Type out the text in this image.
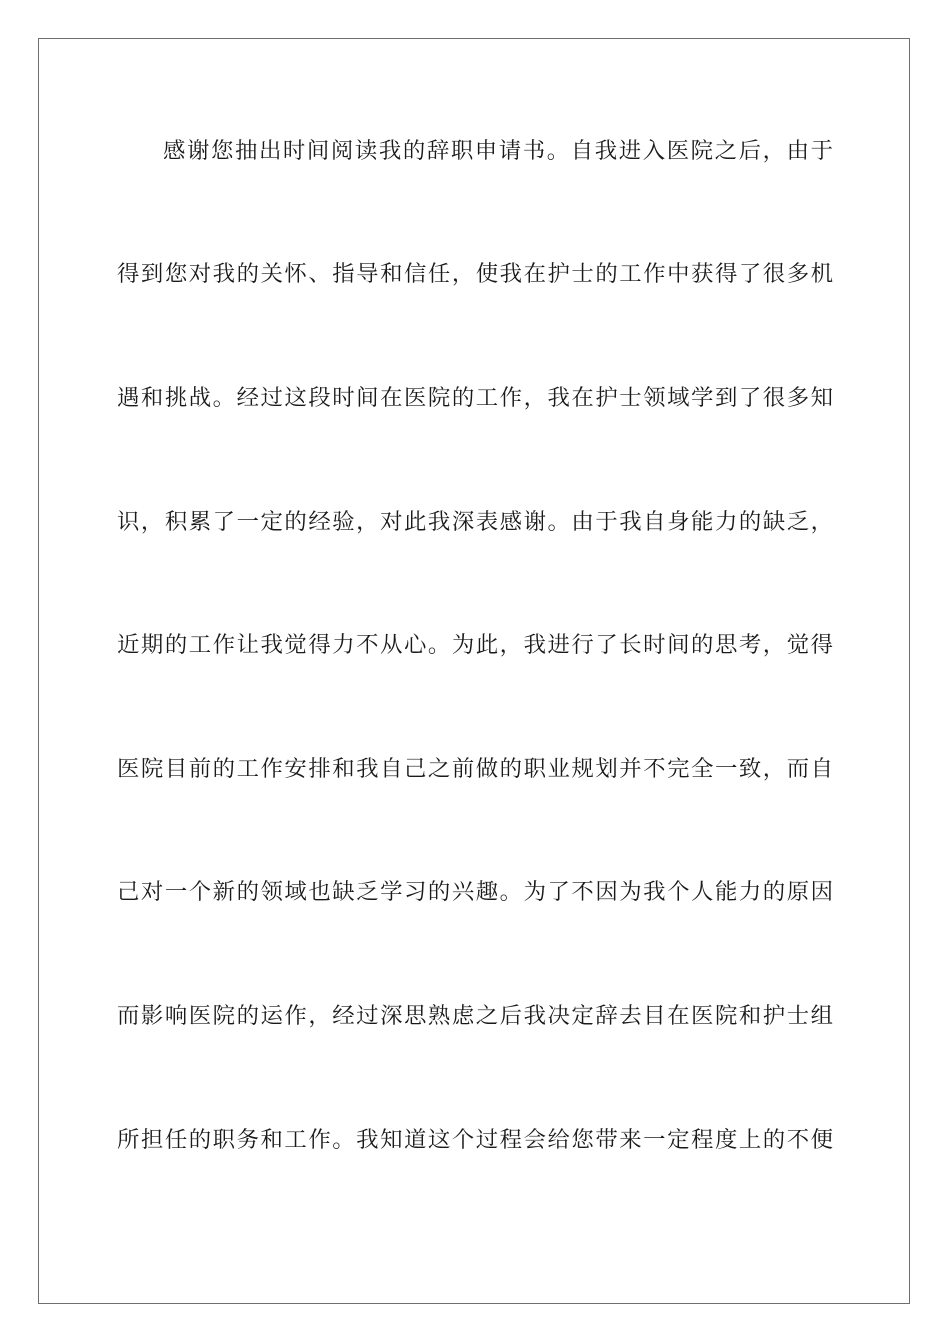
感谢您抽出时间阅读我的辞职申请书。自我进入医院之后，由于
得到您对我的关怀、指导和信任，使我在护士的工作中获得了很多机
遇和挑战。经过这段时间在医院的工作，我在护士领域学到了很多知
识，积累了一定的经验，对此我深表感谢。由于我自身能力的缺乏，
近期的工作让我觉得力不从心。为此，我进行了长时间的思考，觉得
医院目前的工作安排和我自己之前做的职业规划并不完全一致，而自
己对一个新的领域也缺乏学习的兴趣。为了不因为我个人能力的原因
而影响医院的运作，经过深思熟虑之后我决定辞去目在医院和护士组
所担任的职务和工作。我知道这个过程会给您带来一定程度上的不便
